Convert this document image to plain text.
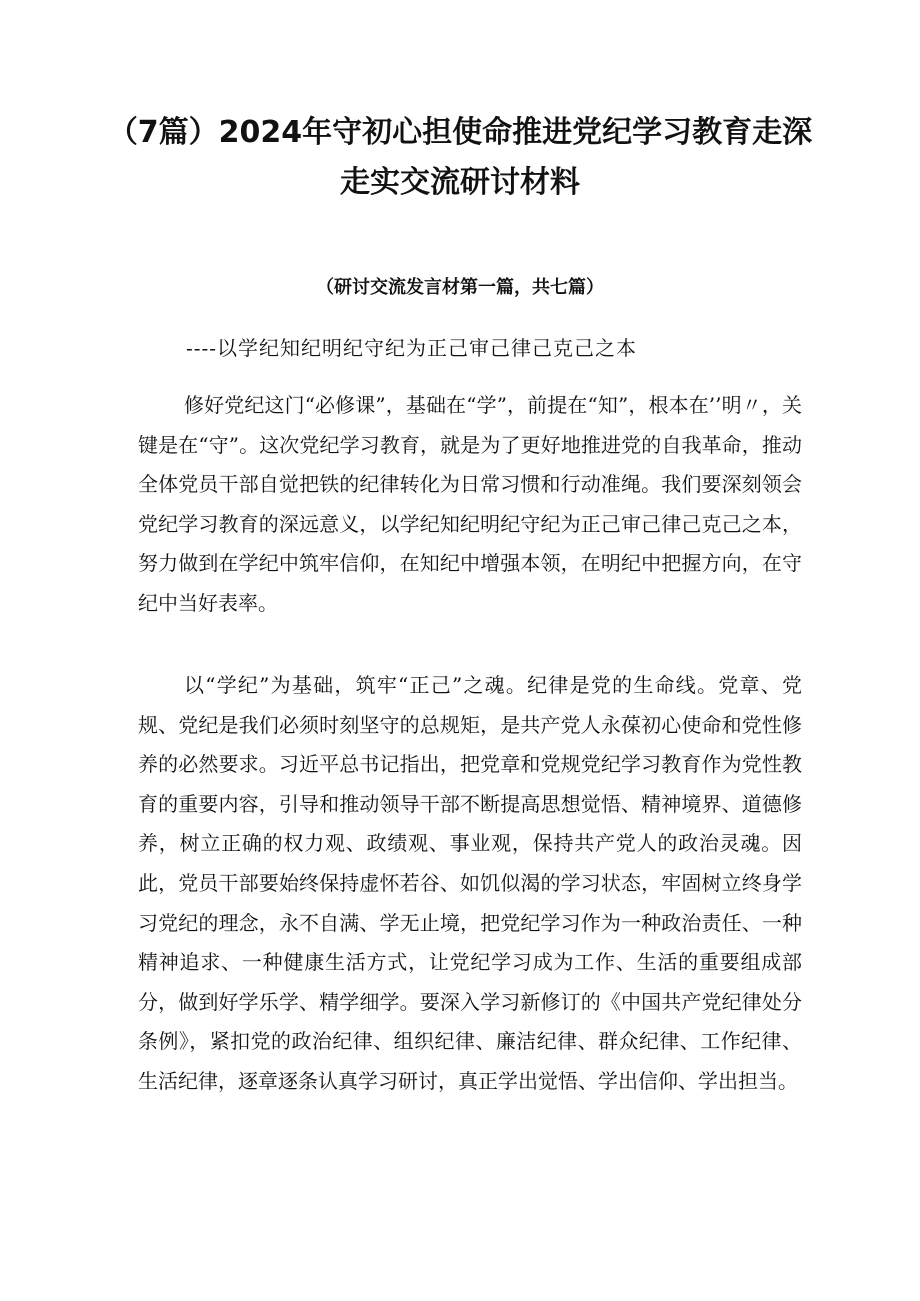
（7篇）2024年守初心担使命推进党纪学习教育走深走实交流研讨材料
（研讨交流发言材第一篇，共七篇）
----以学纪知纪明纪守纪为正己审己律己克己之本

修好党纪这门“必修课”，基础在“学”，前提在“知”，根本在’’明〃，关键是在“守”。这次党纪学习教育，就是为了更好地推进党的自我革命，推动全体党员干部自觉把铁的纪律转化为日常习惯和行动准绳。我们要深刻领会党纪学习教育的深远意义，以学纪知纪明纪守纪为正己审己律己克己之本，努力做到在学纪中筑牢信仰，在知纪中增强本领，在明纪中把握方向，在守纪中当好表率。

以“学纪”为基础，筑牢“正己”之魂。纪律是党的生命线。党章、党规、党纪是我们必须时刻坚守的总规矩，是共产党人永葆初心使命和党性修养的必然要求。习近平总书记指出，把党章和党规党纪学习教育作为党性教育的重要内容，引导和推动领导干部不断提高思想觉悟、精神境界、道德修养，树立正确的权力观、政绩观、事业观，保持共产党人的政治灵魂。因此，党员干部要始终保持虚怀若谷、如饥似渴的学习状态，牢固树立终身学习党纪的理念，永不自满、学无止境，把党纪学习作为一种政治责任、一种精神追求、一种健康生活方式，让党纪学习成为工作、生活的重要组成部分，做到好学乐学、精学细学。要深入学习新修订的《中国共产党纪律处分条例》，紧扣党的政治纪律、组织纪律、廉洁纪律、群众纪律、工作纪律、生活纪律，逐章逐条认真学习研讨，真正学出觉悟、学出信仰、学出担当。
